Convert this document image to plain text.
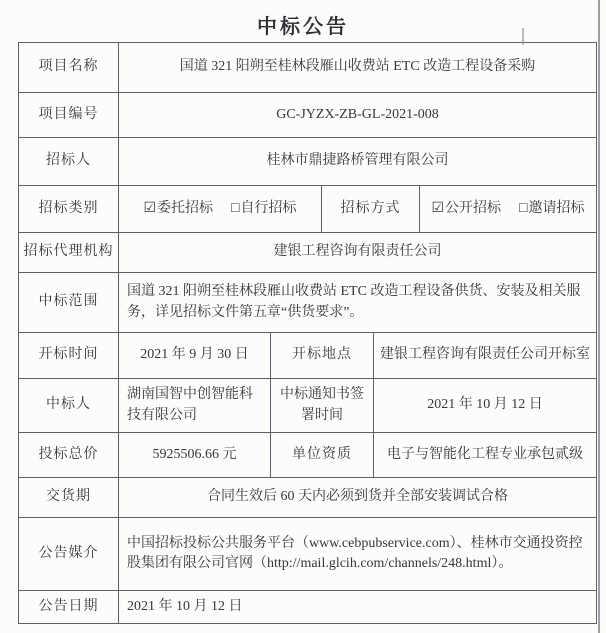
中标公告
项目名称	国道 321 阳朔至桂林段雁山收费站 ETC 改造工程设备采购				
项目编号	GC-JYZX-ZB-GL-2021-008				
招标人	桂林市鼎捷路桥管理有限公司				
招标类别	☑委托招标 □自行招标		招标方式		☑公开招标 □邀请招标
招标代理机构	建银工程咨询有限责任公司				
中标范围	国道 321 阳朔至桂林段雁山收费站 ETC 改造工程设备供货、安装及相关服务，详见招标文件第五章“供货要求”。				
开标时间	2021 年 9 月 30 日	开标地点		建银工程咨询有限责任公司开标室	
中标人	湖南国智中创智能科技有限公司	中标通知书签署时间		2021 年 10 月 12 日	
投标总价	5925506.66 元	单位资质		电子与智能化工程专业承包贰级	
交货期	合同生效后 60 天内必须到货并全部安装调试合格				
公告媒介	中国招标投标公共服务平台（www.cebpubservice.com）、桂林市交通投资控股集团有限公司官网（http://mail.glcih.com/channels/248.html）。				
公告日期	2021 年 10 月 12 日				
